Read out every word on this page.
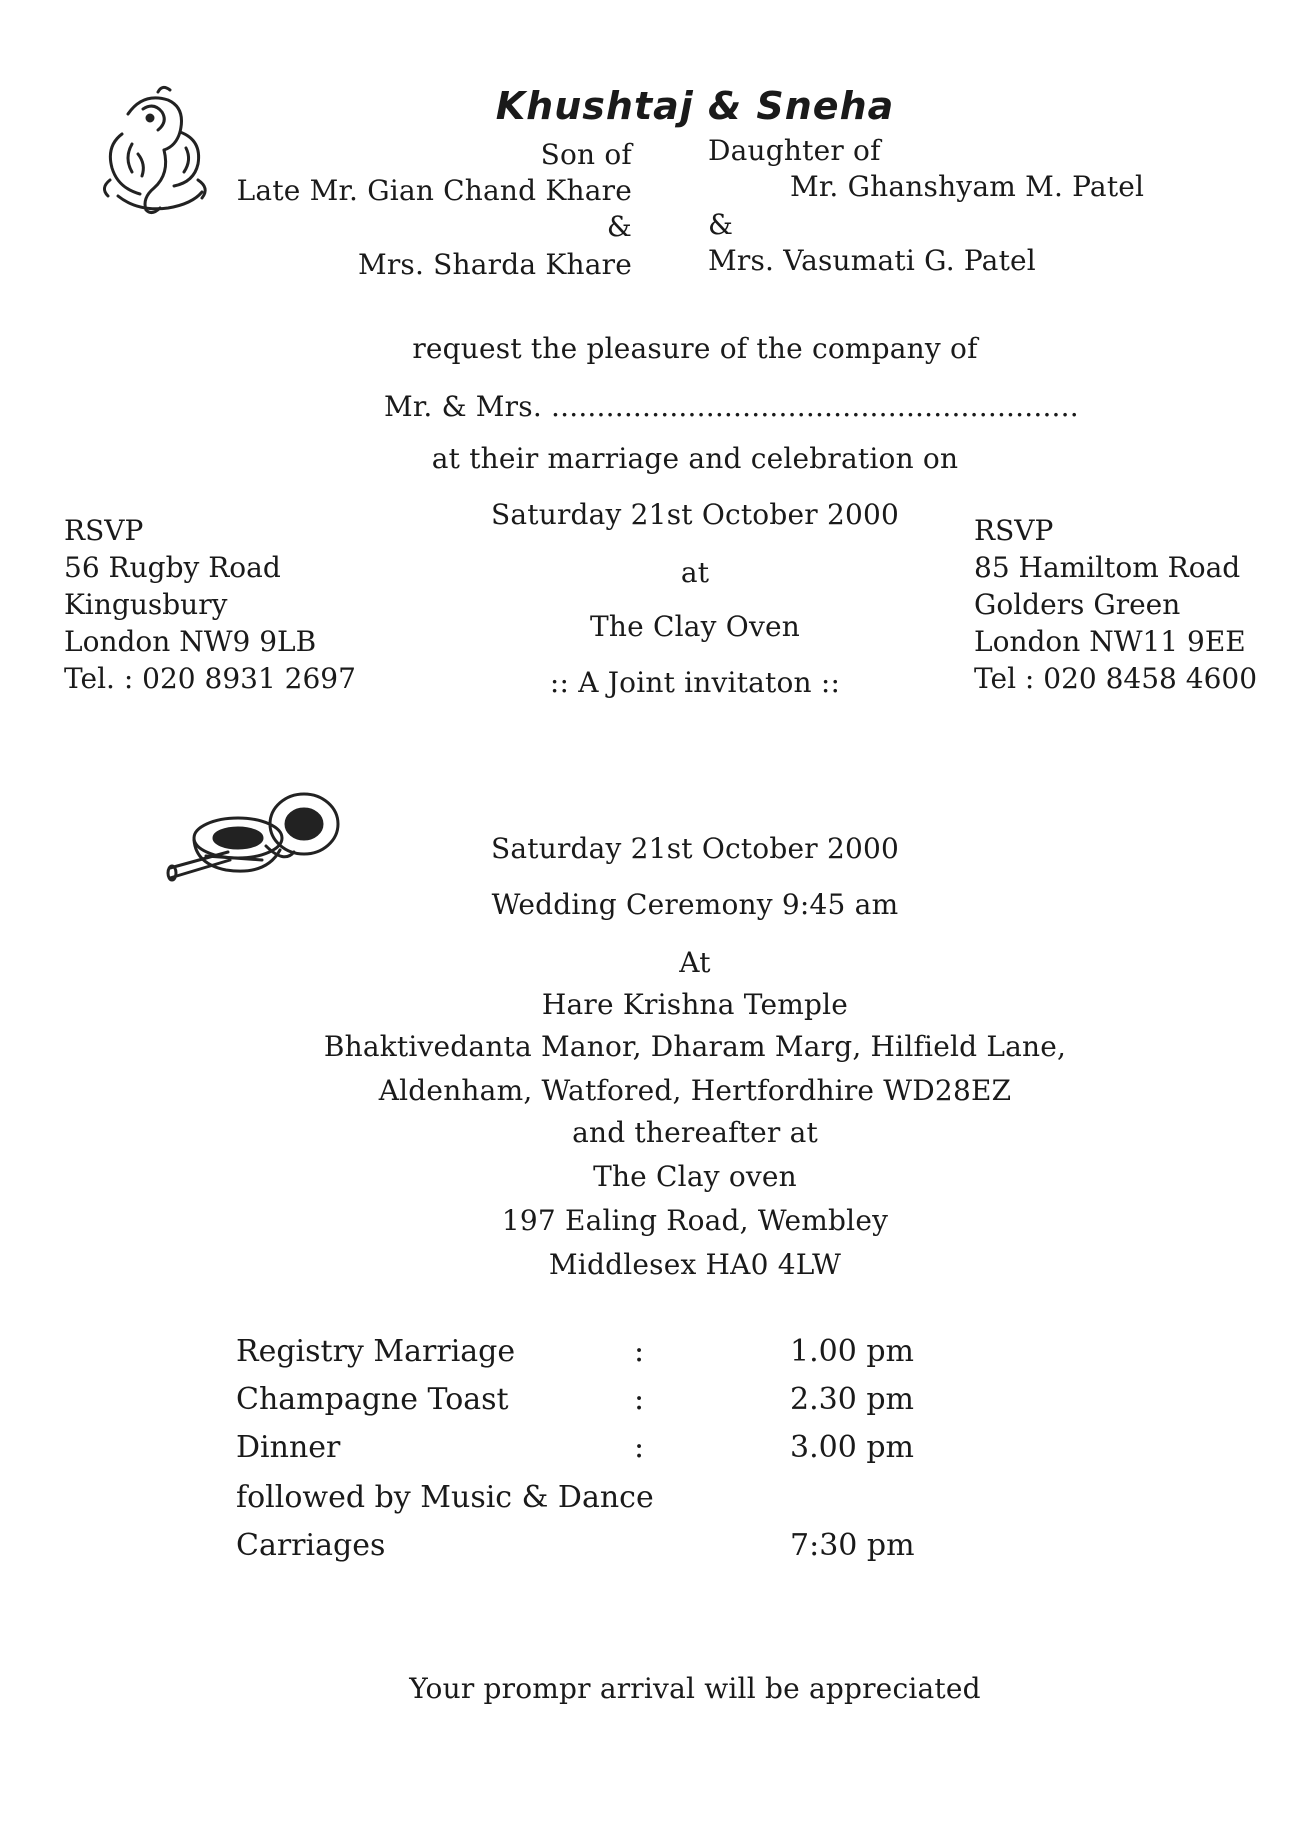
Khushtaj & Sneha
Son of
Late Mr. Gian Chand Khare
&
Mrs. Sharda Khare
Daughter of
Mr. Ghanshyam M. Patel
&
Mrs. Vasumati G. Patel
request the pleasure of the company of
Mr. & Mrs. ..........................................................
at their marriage and celebration on
Saturday 21st October 2000
at
The Clay Oven
:: A Joint invitaton ::
RSVP
56 Rugby Road
Kingusbury
London NW9 9LB
Tel. : 020 8931 2697
RSVP
85 Hamiltom Road
Golders Green
London NW11 9EE
Tel : 020 8458 4600
Saturday 21st October 2000
Wedding Ceremony 9:45 am
At
Hare Krishna Temple
Bhaktivedanta Manor, Dharam Marg, Hilfield Lane,
Aldenham, Watfored, Hertfordhire WD28EZ
and thereafter at
The Clay oven
197 Ealing Road, Wembley
Middlesex HA0 4LW
Registry Marriage	:	1.00 pm
Champagne Toast	:	2.30 pm
Dinner	:	3.00 pm
followed by Music & Dance
Carriages	7:30 pm
Your prompr arrival will be appreciated
